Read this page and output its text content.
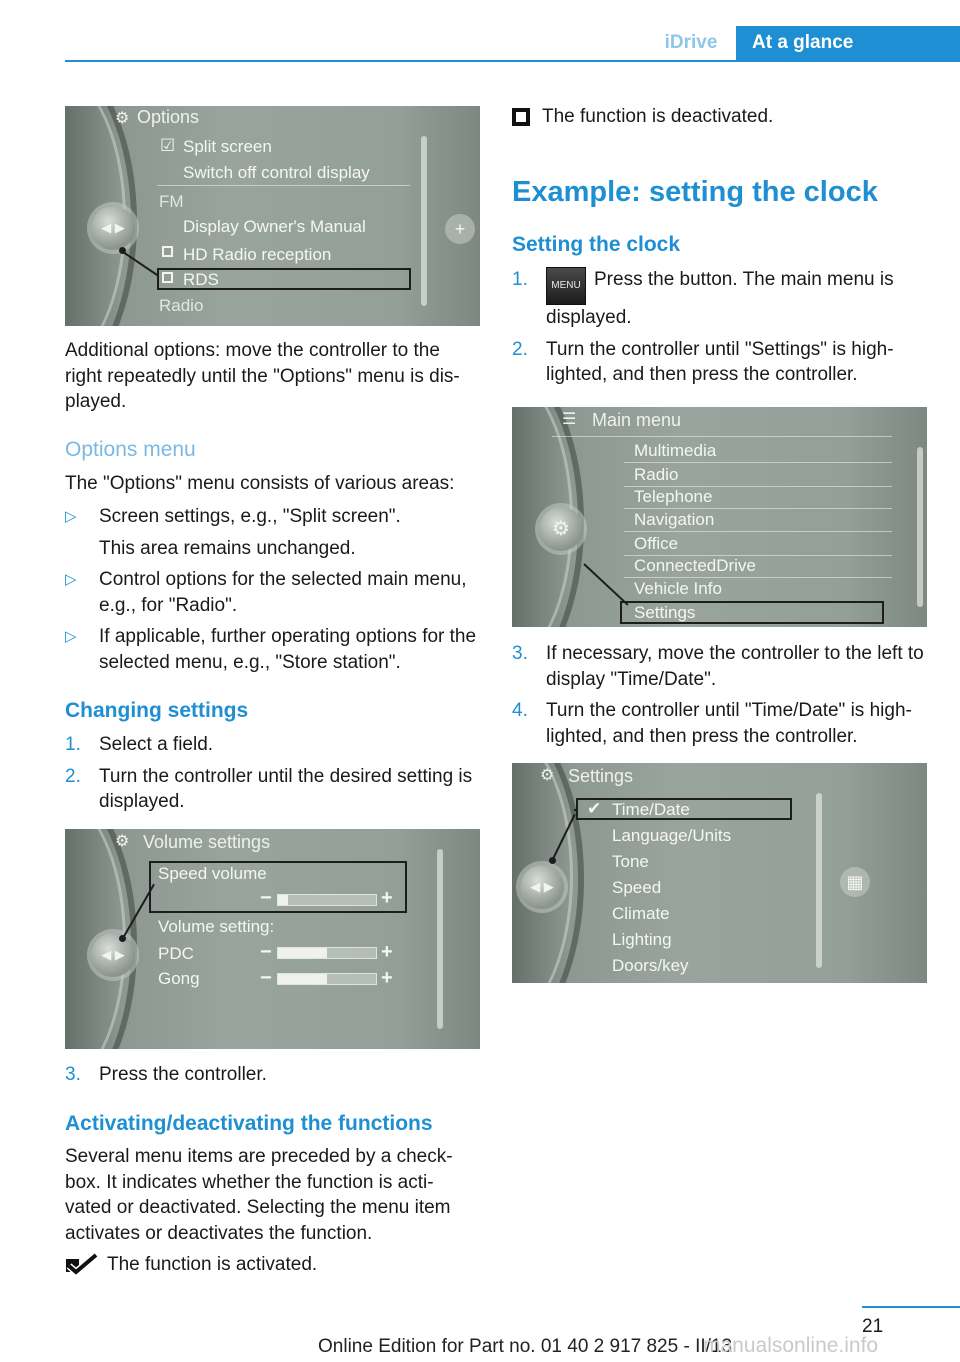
iDrive	At a glance
◀ ▶
⚙ Options
☑ Split screen
Switch off control display
FM
Display Owner's Manual
HD Radio reception
RDS
Radio
+

Additional options: move the controller to the right repeatedly until the "Options" menu is dis‐ played.

Options menu

The "Options" menu consists of various areas:

▷ Screen settings, e.g., "Split screen".
This area remains unchanged.
▷ Control options for the selected main menu, e.g., for "Radio".
▷ If applicable, further operating options for the selected menu, e.g., "Store station".

Changing settings

1. Select a field.
2. Turn the controller until the desired setting is displayed.
◀ ▶
⚙ Volume settings
Speed volume
−	+
Volume setting:
PDC	−	+
Gong	−	+
3. Press the controller.

Activating/deactivating the functions

Several menu items are preceded by a check‐ box. It indicates whether the function is acti‐ vated or deactivated. Selecting the menu item activates or deactivates the function.

The function is activated.
The function is deactivated.

Example: setting the clock

Setting the clock

1. MENU Press the button. The main menu is displayed.
2. Turn the controller until "Settings" is high‐ lighted, and then press the controller.
⚙
☰ Main menu
Multimedia
Radio
Telephone
Navigation
Office
ConnectedDrive
Vehicle Info
Settings
3. If necessary, move the controller to the left to display "Time/Date".
4. Turn the controller until "Time/Date" is high‐ lighted, and then press the controller.
◀ ▶
⚙ Settings
✔ Time/Date
Language/Units
Tone
Speed
Climate
Lighting
Doors/key
▦
21
Online Edition for Part no. 01 40 2 917 825 - II/13
manualsonline.info
